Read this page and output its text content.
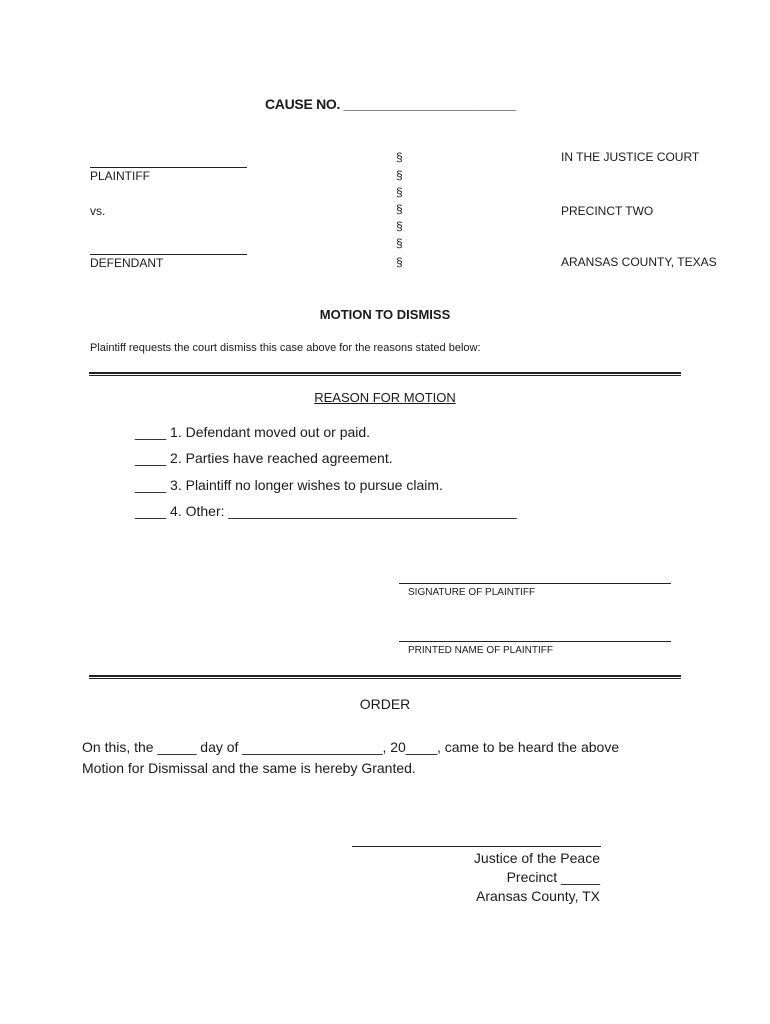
CAUSE NO. _______________________
PLAINTIFF
vs.
DEFENDANT
§
§
§
§
§
§
§
IN THE JUSTICE COURT
PRECINCT TWO
ARANSAS COUNTY, TEXAS
MOTION TO DISMISS
Plaintiff requests the court dismiss this case above for the reasons stated below:
REASON FOR MOTION
____ 1. Defendant moved out or paid.
____ 2. Parties have reached agreement.
____ 3. Plaintiff no longer wishes to pursue claim.
____ 4. Other: _____________________________________
SIGNATURE OF PLAINTIFF
PRINTED NAME OF PLAINTIFF
ORDER
On this, the _____ day of __________________, 20____, came to be heard the above
Motion for Dismissal and the same is hereby Granted.
Justice of the Peace
Precinct _____
Aransas County, TX
